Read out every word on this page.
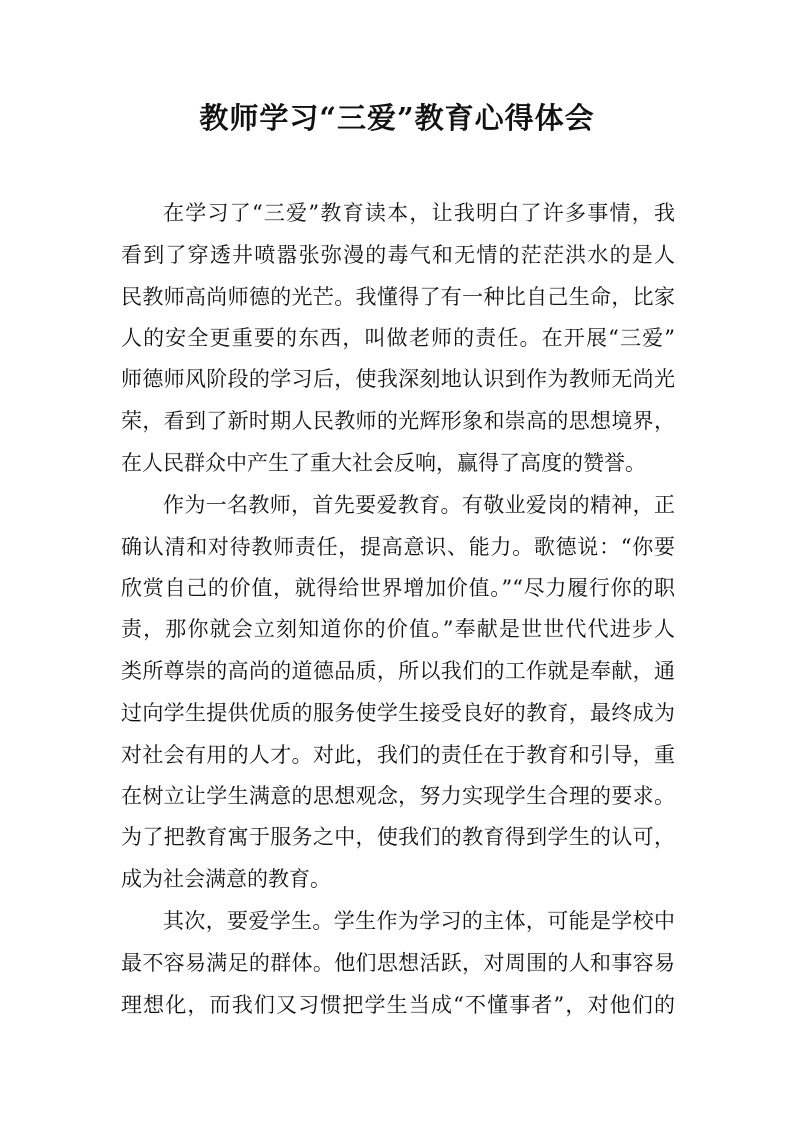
教师学习“三爱”教育心得体会
在学习了“三爱”教育读本，让我明白了许多事情，我
看到了穿透井喷嚣张弥漫的毒气和无情的茫茫洪水的是人
民教师高尚师德的光芒。我懂得了有一种比自己生命，比家
人的安全更重要的东西，叫做老师的责任。在开展“三爱”
师德师风阶段的学习后，使我深刻地认识到作为教师无尚光
荣，看到了新时期人民教师的光辉形象和崇高的思想境界，
在人民群众中产生了重大社会反响，赢得了高度的赞誉。
作为一名教师，首先要爱教育。有敬业爱岗的精神，正
确认清和对待教师责任，提高意识、能力。歌德说：“你要
欣赏自己的价值，就得给世界增加价值。”“尽力履行你的职
责，那你就会立刻知道你的价值。”奉献是世世代代进步人
类所尊崇的高尚的道德品质，所以我们的工作就是奉献，通
过向学生提供优质的服务使学生接受良好的教育，最终成为
对社会有用的人才。对此，我们的责任在于教育和引导，重
在树立让学生满意的思想观念，努力实现学生合理的要求。
为了把教育寓于服务之中，使我们的教育得到学生的认可，
成为社会满意的教育。
其次，要爱学生。学生作为学习的主体，可能是学校中
最不容易满足的群体。他们思想活跃，对周围的人和事容易
理想化，而我们又习惯把学生当成“不懂事者”，对他们的
